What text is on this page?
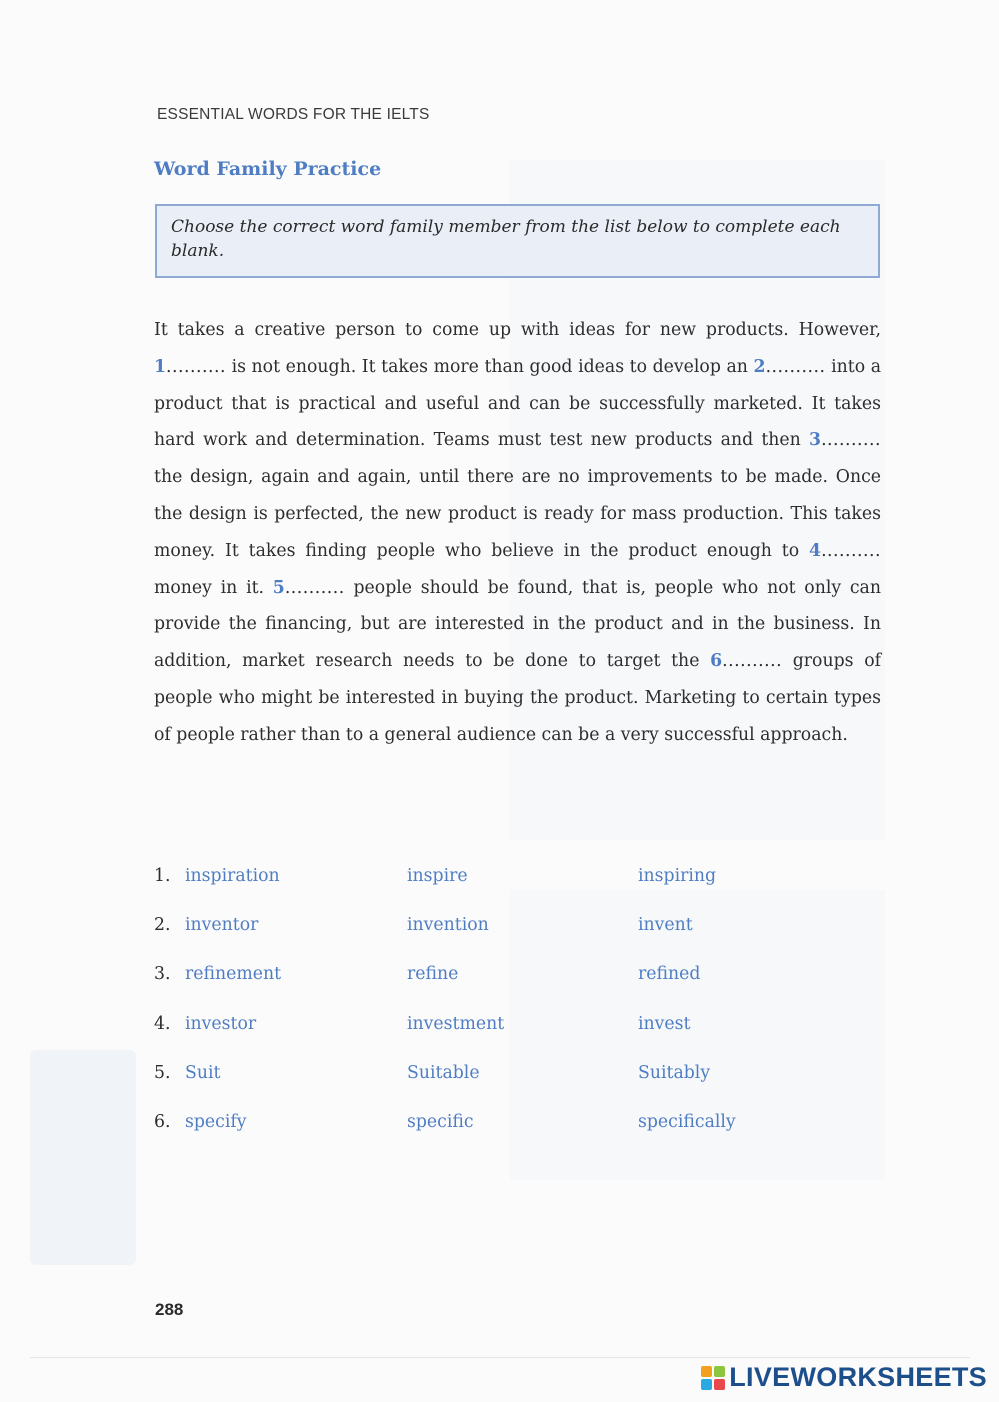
ESSENTIAL WORDS FOR THE IELTS
Word Family Practice
Choose the correct word family member from the list below to complete each blank.
It takes a creative person to come up with ideas for new products. However, 1.......... is not enough. It takes more than good ideas to develop an 2.......... into a product that is practical and useful and can be successfully marketed. It takes hard work and determination. Teams must test new products and then 3.......... the design, again and again, until there are no improvements to be made. Once the design is perfected, the new product is ready for mass production. This takes money. It takes finding people who believe in the product enough to 4.......... money in it. 5.......... people should be found, that is, people who not only can provide the financing, but are interested in the product and in the business. In addition, market research needs to be done to target the 6.......... groups of people who might be interested in buying the product. Marketing to certain types of people rather than to a general audience can be a very successful approach.
1. inspiration	inspire	inspiring
2. inventor	invention	invent
3. refinement	refine	refined
4. investor	investment	invest
5. Suit	Suitable	Suitably
6. specify	specific	specifically
288
LIVEWORKSHEETS
